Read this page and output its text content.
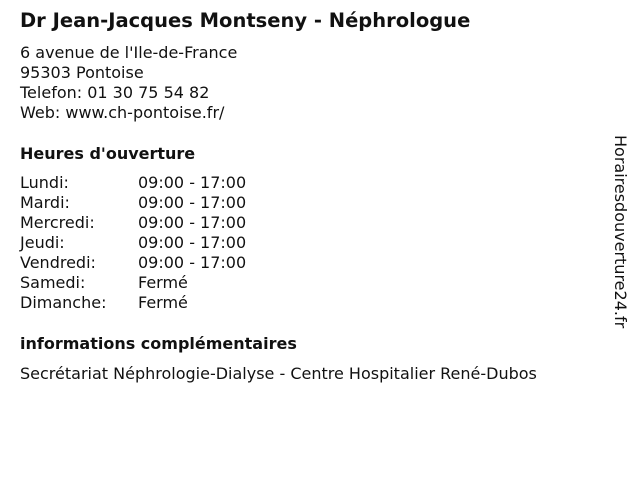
Dr Jean-Jacques Montseny - Néphrologue
6 avenue de l'Ile-de-France
95303 Pontoise
Telefon: 01 30 75 54 82
Web: www.ch-pontoise.fr/
Heures d'ouverture
Lundi:	09:00 - 17:00
Mardi:	09:00 - 17:00
Mercredi:	09:00 - 17:00
Jeudi:	09:00 - 17:00
Vendredi:	09:00 - 17:00
Samedi:	Fermé
Dimanche:	Fermé
informations complémentaires
Secrétariat Néphrologie-Dialyse - Centre Hospitalier René-Dubos
Horairesdouverture24.fr
